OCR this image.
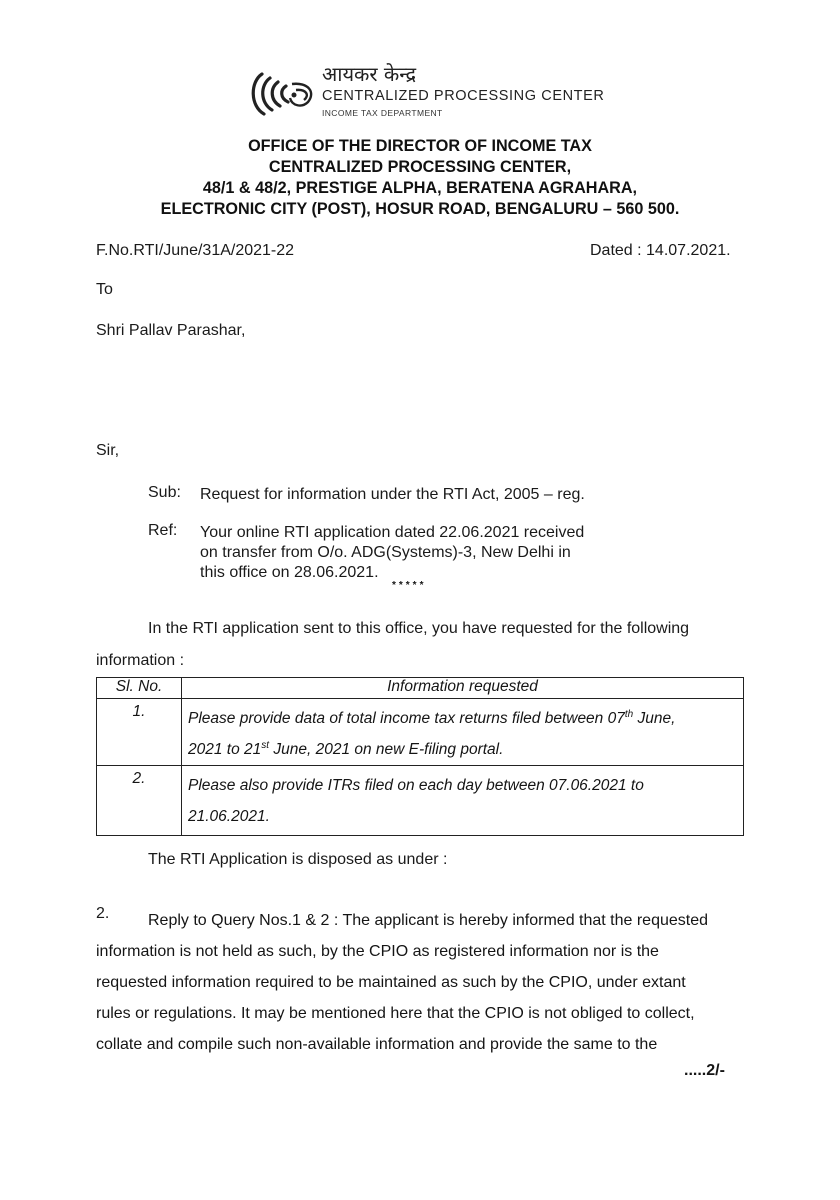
आयकर केन्द्र
CENTRALIZED PROCESSING CENTER
INCOME TAX DEPARTMENT
OFFICE OF THE DIRECTOR OF INCOME TAX
CENTRALIZED PROCESSING CENTER,
48/1 & 48/2, PRESTIGE ALPHA, BERATENA AGRAHARA,
ELECTRONIC CITY (POST), HOSUR ROAD, BENGALURU – 560 500.
F.No.RTI/June/31A/2021-22	Dated : 14.07.2021.
To
Shri Pallav Parashar,
Sir,
Sub: Request for information under the RTI Act, 2005 – reg.
Ref: Your online RTI application dated 22.06.2021 received
on transfer from O/o. ADG(Systems)-3, New Delhi in
this office on 28.06.2021.
*****
In the RTI application sent to this office, you have requested for the following
information :
Sl. No.	Information requested
1.	Please provide data of total income tax returns filed between 07th June,
2021 to 21st June, 2021 on new E-filing portal.

2.	Please also provide ITRs filed on each day between 07.06.2021 to
21.06.2021.
The RTI Application is disposed as under :
2. Reply to Query Nos.1 & 2 : The applicant is hereby informed that the requested
information is not held as such, by the CPIO as registered information nor is the
requested information required to be maintained as such by the CPIO, under extant
rules or regulations. It may be mentioned here that the CPIO is not obliged to collect,
collate and compile such non-available information and provide the same to the
.....2/-
